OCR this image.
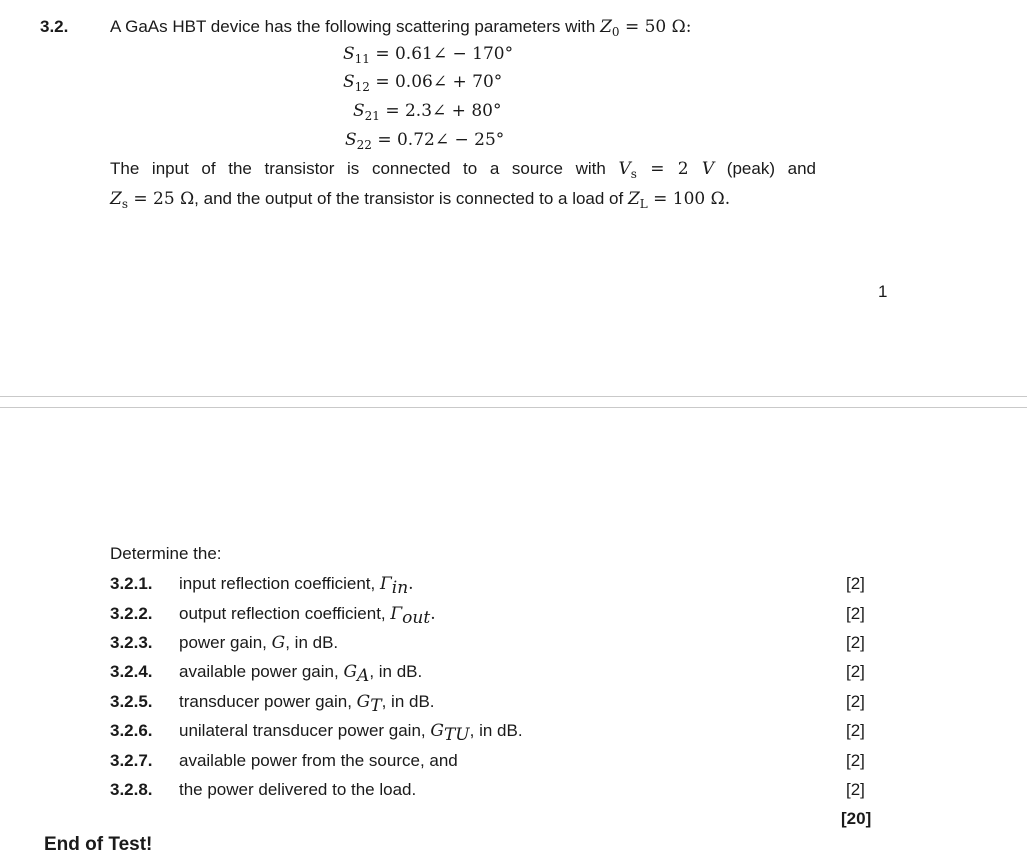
3.2. A GaAs HBT device has the following scattering parameters with $Z_0 = 50$ Ω:
$S_{11}$ = 0.61∠ − 170°
$S_{12}$ = 0.06∠ + 70°
$S_{21}$ = 2.3∠ + 80°
$S_{22}$ = 0.72∠ − 25°
The input of the transistor is connected to a source with $V_s = 2$ V (peak) and
$Z_s = 25$ Ω, and the output of the transistor is connected to a load of $Z_L = 100$ Ω.
1
Determine the:
3.2.1. input reflection coefficient, $\Gamma_{in}$.	[2]
3.2.2. output reflection coefficient, $\Gamma_{out}$.	[2]
3.2.3. power gain, G, in dB.	[2]
3.2.4. available power gain, $G_A$, in dB.	[2]
3.2.5. transducer power gain, $G_T$, in dB.	[2]
3.2.6. unilateral transducer power gain, $G_{TU}$, in dB.	[2]
3.2.7. available power from the source, and	[2]
3.2.8. the power delivered to the load.	[2]
[20]
End of Test!
